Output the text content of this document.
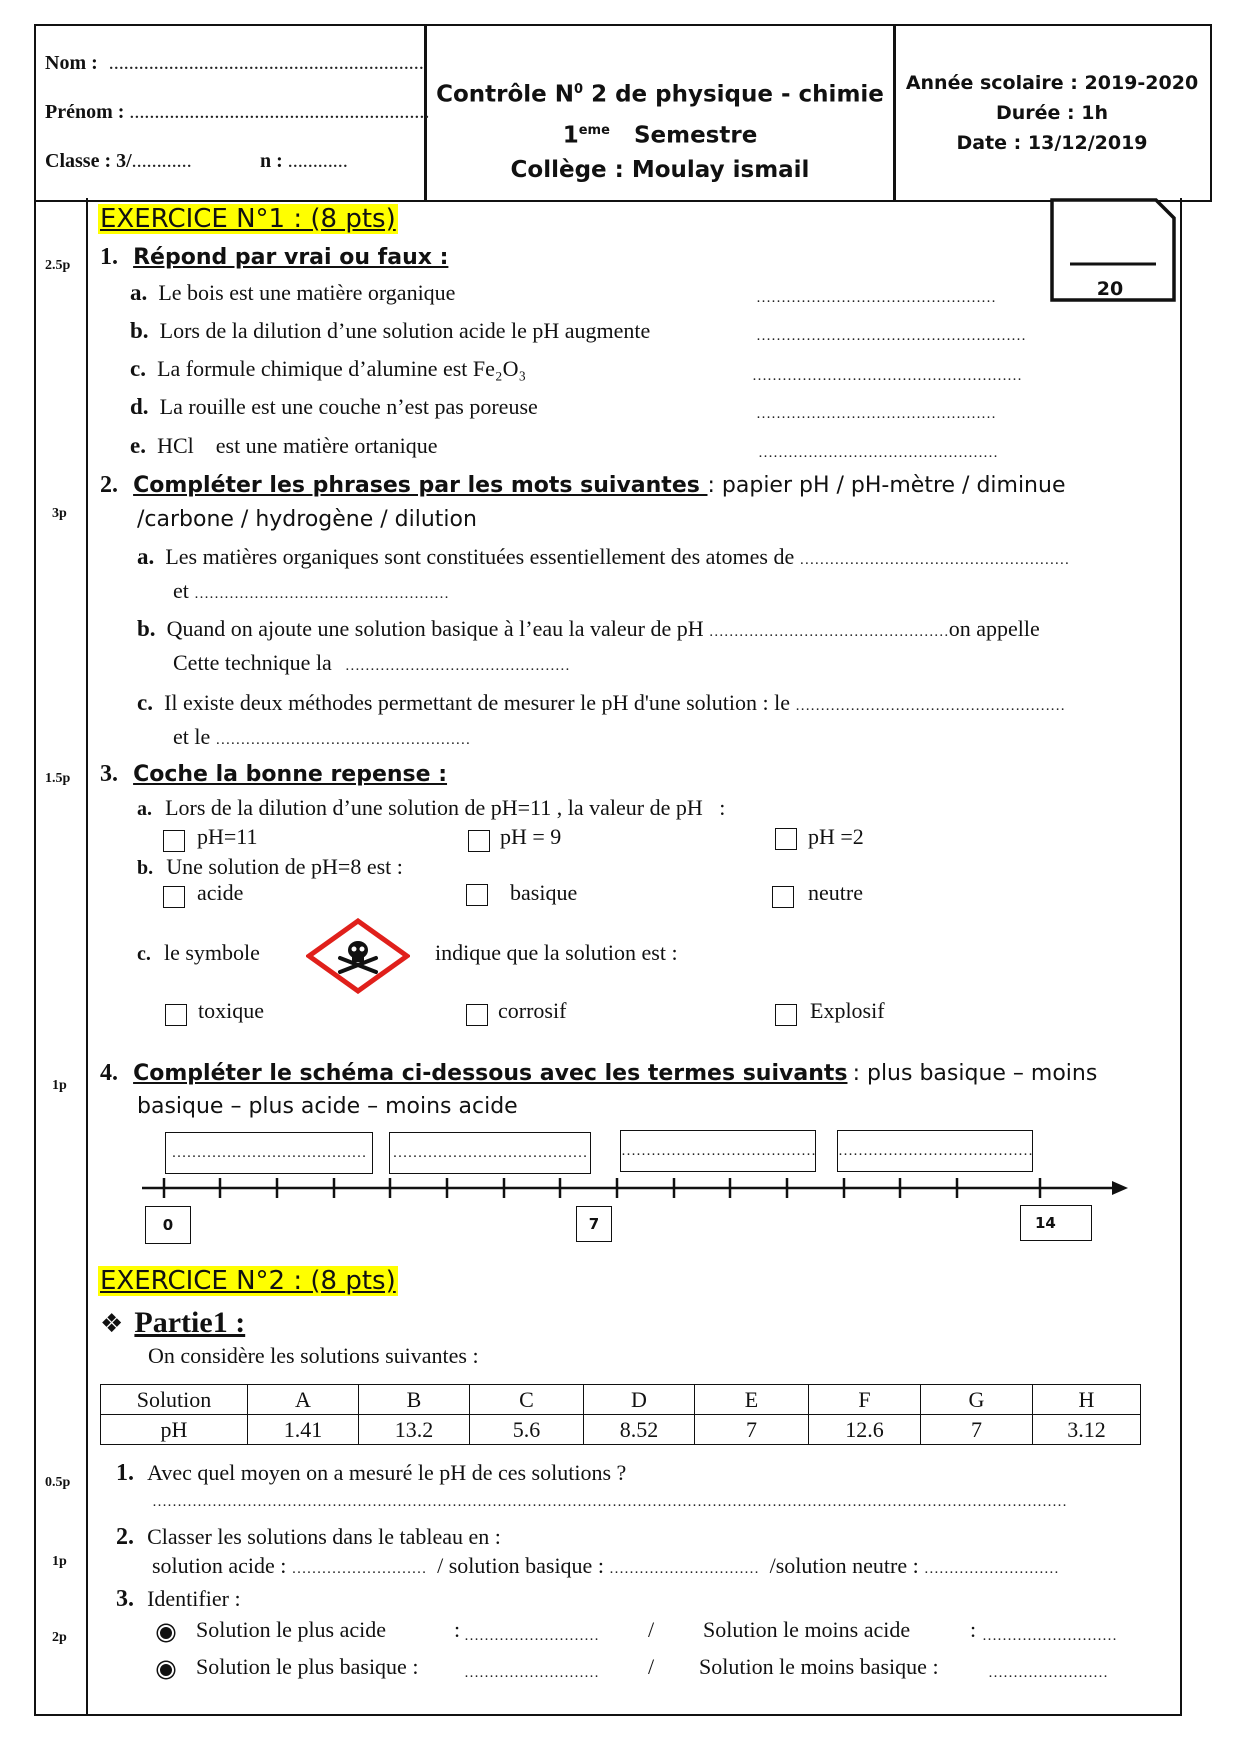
Nom : ………………………………………………………
Prénom : ……………………………………………………
Classe : 3/…………	n : …………
Contrôle $N^0$ 2 de physique - chimie
1eme Semestre
Collège : Moulay ismail
Année scolaire : 2019-2020
Durée : 1h
Date : 13/12/2019
2.5p
3p
1.5p
1p
0.5p
1p
2p
20
EXERCICE N°1 : (8 pts)
1. Répond par vrai ou faux :
a. Le bois est une matière organique	…………………………………………
b. Lors de la dilution d’une solution acide le pH augmente	………………………………………………
c. La formule chimique d’alumine est Fe₂O₃	………………………………………………
d. La rouille est une couche n’est pas poreuse	…………………………………………
e. HCl    est une matière ortanique	…………………………………………
2. Compléter les phrases par les mots suivantes : papier pH / pH-mètre / diminue
/carbone / hydrogène / dilution
a. Les matières organiques sont constituées essentiellement des atomes de ………………………………………………
et ……………………………………………
b. Quand on ajoute une solution basique à l’eau la valeur de pH …………………………………………on appelle
Cette technique la ………………………………………
c. Il existe deux méthodes permettant de mesurer le pH d'une solution : le ………………………………………………
et le ……………………………………………
3. Coche la bonne repense :
a. Lors de la dilution d’une solution de pH=11 , la valeur de pH   :
pH=11	pH = 9	pH =2
b. Une solution de pH=8 est :
acide	basique	neutre
c. le symbole	indique que la solution est :
toxique	corrosif	Explosif
4. Compléter le schéma ci-dessous avec les termes suivants : plus basique – moins
basique – plus acide – moins acide
…………………………………	………………………………… ………………………………… …………………………………
0	7	14
EXERCICE N°2 : (8 pts)
❖ Partie1 :
On considère les solutions suivantes :
Solution	A	B	C	D	E	F	G	H
pH	1.41	13.2	5.6	8.52	7	12.6	7	3.12
1. Avec quel moyen on a mesuré le pH de ces solutions ?
…………………………………………………………………………………………………………………………………………………………………
2. Classer les solutions dans le tableau en :
solution acide : ………………………  / solution basique : …………………………  /solution neutre : ………………………
3. Identifier :
Solution le plus acide	: ……………………… / Solution le moins acide	: ………………………
Solution le plus basique :	……………………… / Solution le moins basique :	……………………
